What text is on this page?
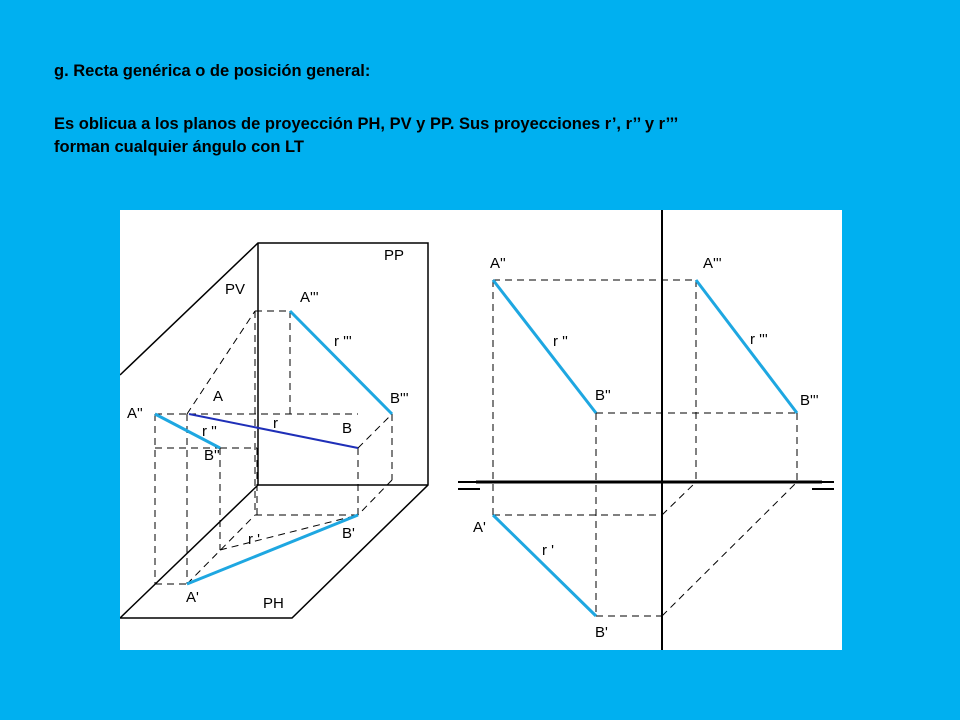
g. Recta genérica o de posición general:
Es oblicua a los planos de proyección PH, PV y PP. Sus proyecciones r’, r’’ y r’’’
forman cualquier ángulo con LT
PP
PV
PH
A'''
r '''
B'''
A''
A
r	B
r ''
B''
B'
r '
A'
A''
r ''
B''
A'''
r '''
B'''
A'
r '
B'
